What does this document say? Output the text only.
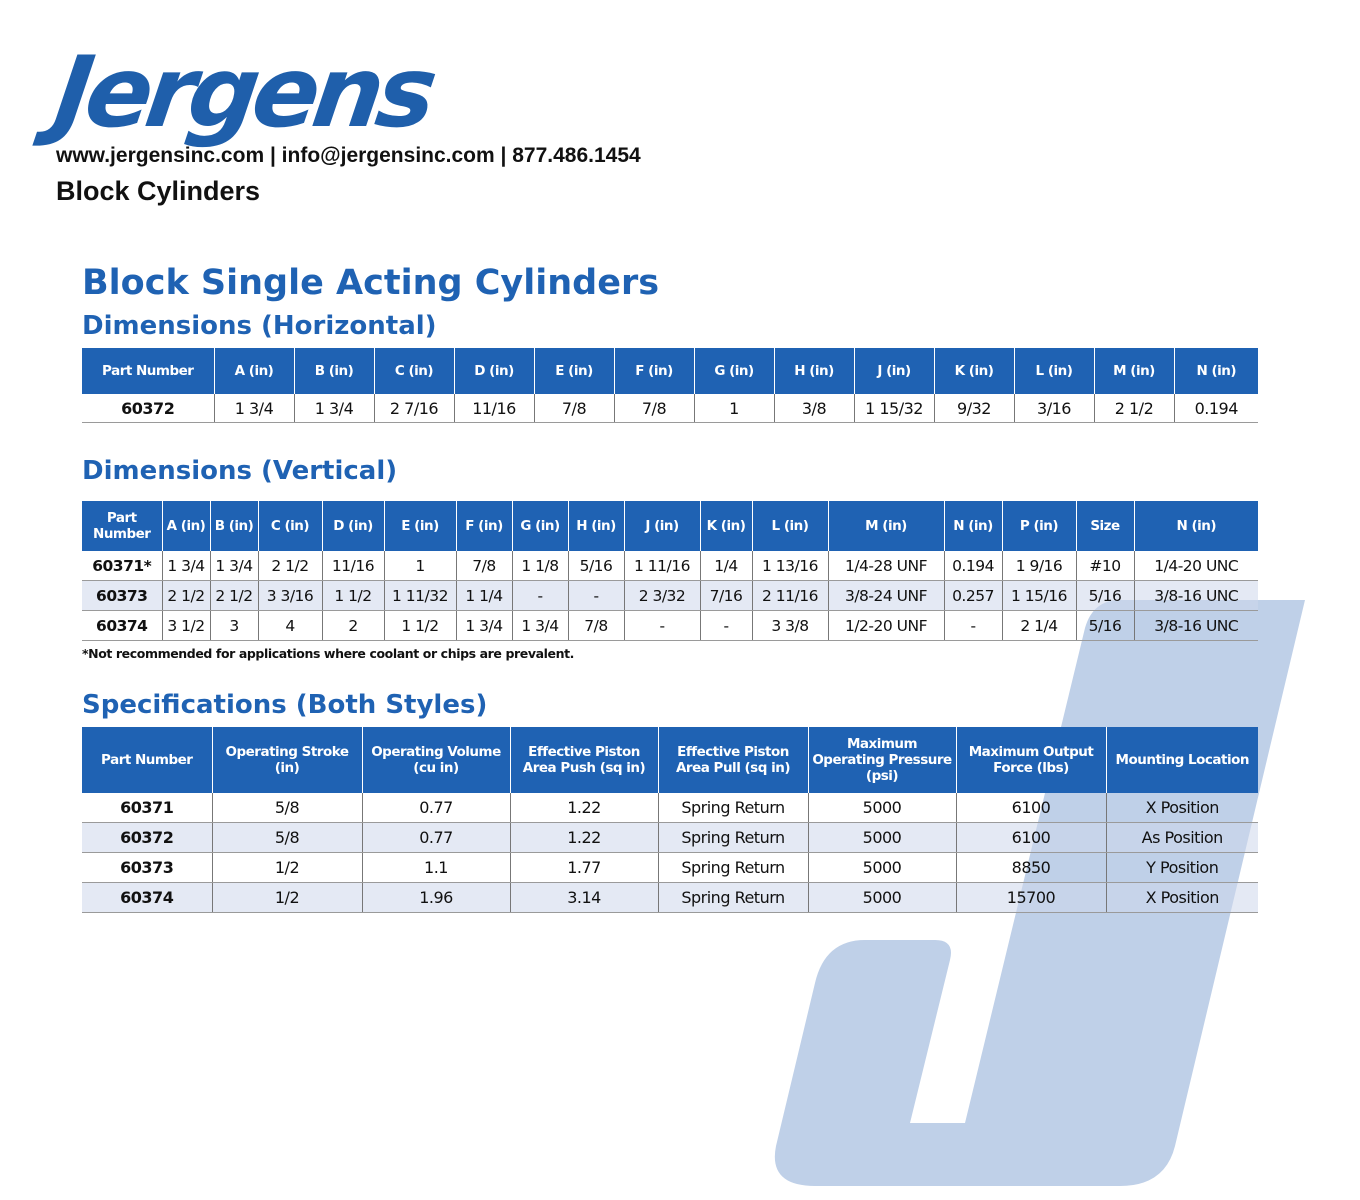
Jergens
www.jergensinc.com | info@jergensinc.com | 877.486.1454
Block Cylinders
Block Single Acting Cylinders
Dimensions (Horizontal)
Part Number	A (in)	B (in)	C (in)	D (in)	E (in)	F (in)	G (in)	H (in)	J (in)	K (in)	L (in)	M (in)	N (in)
60372	1 3/4	1 3/4	2 7/16	11/16	7/8	7/8	1	3/8	1 15/32	9/32	3/16	2 1/2	0.194
Dimensions (Vertical)
Part Number	A (in)	B (in)	C (in)	D (in)	E (in)	F (in)	G (in)	H (in)	J (in)	K (in)	L (in)	M (in)	N (in)	P (in)	Size	N (in)
60371*	1 3/4	1 3/4	2 1/2	11/16	1	7/8	1 1/8	5/16	1 11/16	1/4	1 13/16	1/4-28 UNF	0.194	1 9/16	#10	1/4-20 UNC
60373	2 1/2	2 1/2	3 3/16	1 1/2	1 11/32	1 1/4	-	-	2 3/32	7/16	2 11/16	3/8-24 UNF	0.257	1 15/16	5/16	3/8-16 UNC
60374	3 1/2	3	4	2	1 1/2	1 3/4	1 3/4	7/8	-	-	3 3/8	1/2-20 UNF	-	2 1/4	5/16	3/8-16 UNC
*Not recommended for applications where coolant or chips are prevalent.
Specifications (Both Styles)
Part Number	Operating Stroke (in)	Operating Volume (cu in)	Effective Piston Area Push (sq in)	Effective Piston Area Pull (sq in)	Maximum Operating Pressure (psi)	Maximum Output Force (lbs)	Mounting Location
60371	5/8	0.77	1.22	Spring Return	5000	6100	X Position
60372	5/8	0.77	1.22	Spring Return	5000	6100	As Position
60373	1/2	1.1	1.77	Spring Return	5000	8850	Y Position
60374	1/2	1.96	3.14	Spring Return	5000	15700	X Position
